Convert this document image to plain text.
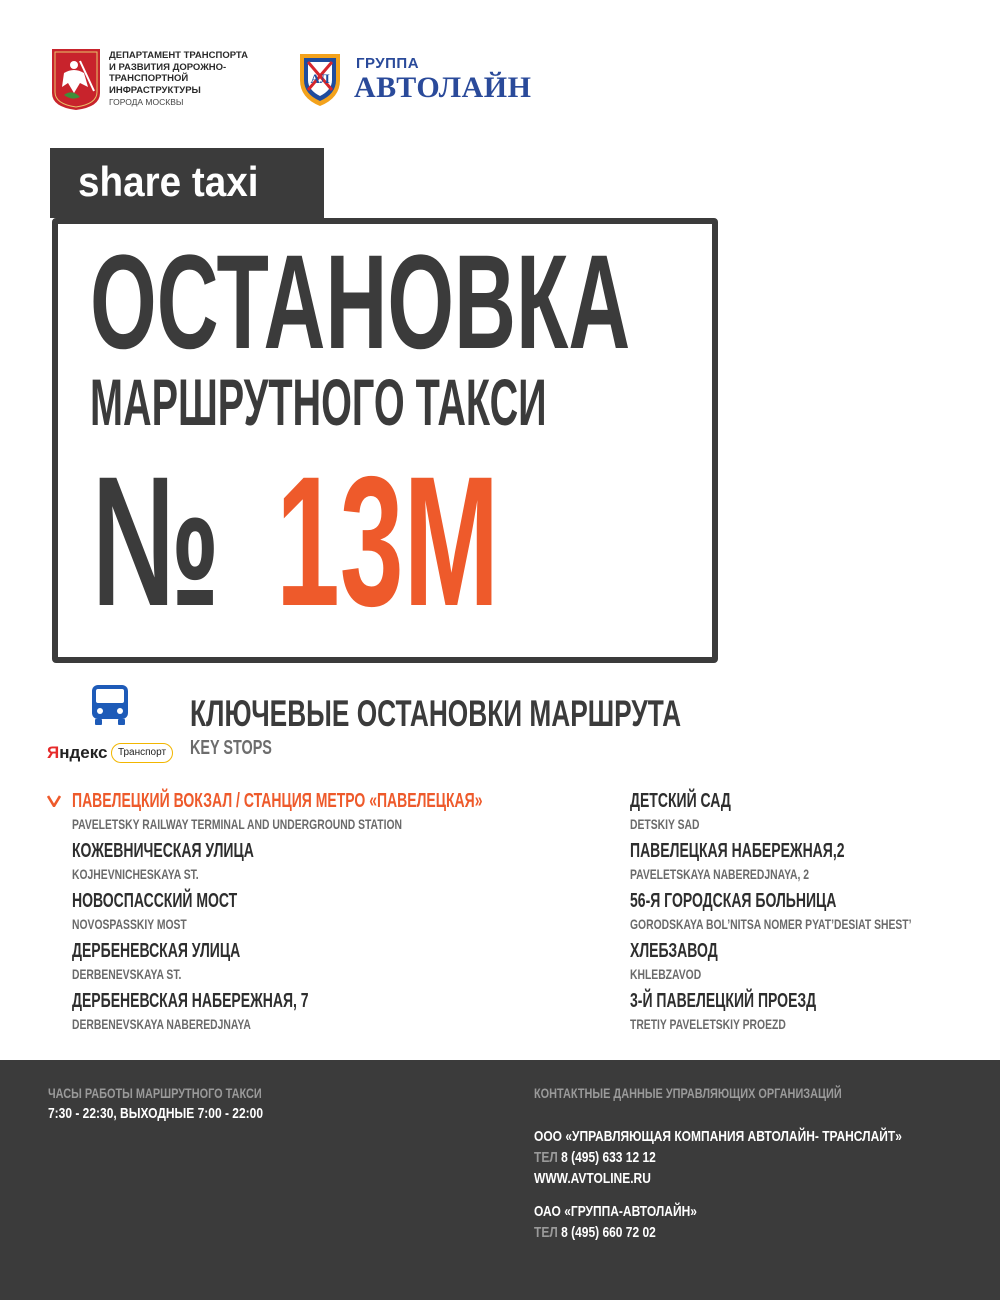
ДЕПАРТАМЕНТ ТРАНСПОРТА
И РАЗВИТИЯ ДОРОЖНО-
ТРАНСПОРТНОЙ
ИНФРАСТРУКТУРЫ
ГОРОДА МОСКВЫ
АЛ
ГРУППА
АВТОЛАЙН
share taxi
ОСТАНОВКА
МАРШРУТНОГО ТАКСИ
№ 13М
Яндекс	Транспорт
КЛЮЧЕВЫЕ ОСТАНОВКИ МАРШРУТА
KEY STOPS
ПАВЕЛЕЦКИЙ ВОКЗАЛ / СТАНЦИЯ МЕТРО «ПАВЕЛЕЦКАЯ»
PAVELETSKY RAILWAY TERMINAL AND UNDERGROUND STATION
КОЖЕВНИЧЕСКАЯ УЛИЦА
KOJHEVNICHESKAYA ST.
НОВОСПАССКИЙ МОСТ
NOVOSPASSKIY MOST
ДЕРБЕНЕВСКАЯ УЛИЦА
DERBENEVSKAYA ST.
ДЕРБЕНЕВСКАЯ НАБЕРЕЖНАЯ, 7
DERBENEVSKAYA NABEREDJNAYA
ДЕТСКИЙ САД
DETSKIY SAD
ПАВЕЛЕЦКАЯ НАБЕРЕЖНАЯ,2
PAVELETSKAYA NABEREDJNAYA, 2
56-Я ГОРОДСКАЯ БОЛЬНИЦА
GORODSKAYA BOL’NITSA NOMER PYAT’DESIAT SHEST’
ХЛЕБЗАВОД
KHLEBZAVOD
3-Й ПАВЕЛЕЦКИЙ ПРОЕЗД
TRETIY PAVELETSKIY PROEZD
ЧАСЫ РАБОТЫ МАРШРУТНОГО ТАКСИ
7:30 - 22:30, ВЫХОДНЫЕ 7:00 - 22:00
КОНТАКТНЫЕ ДАННЫЕ УПРАВЛЯЮЩИХ ОРГАНИЗАЦИЙ
ООО «УПРАВЛЯЮЩАЯ КОМПАНИЯ АВТОЛАЙН- ТРАНСЛАЙТ»
ТЕЛ 8 (495) 633 12 12
WWW.AVTOLINE.RU
ОАО «ГРУППА-АВТОЛАЙН»
ТЕЛ 8 (495) 660 72 02
